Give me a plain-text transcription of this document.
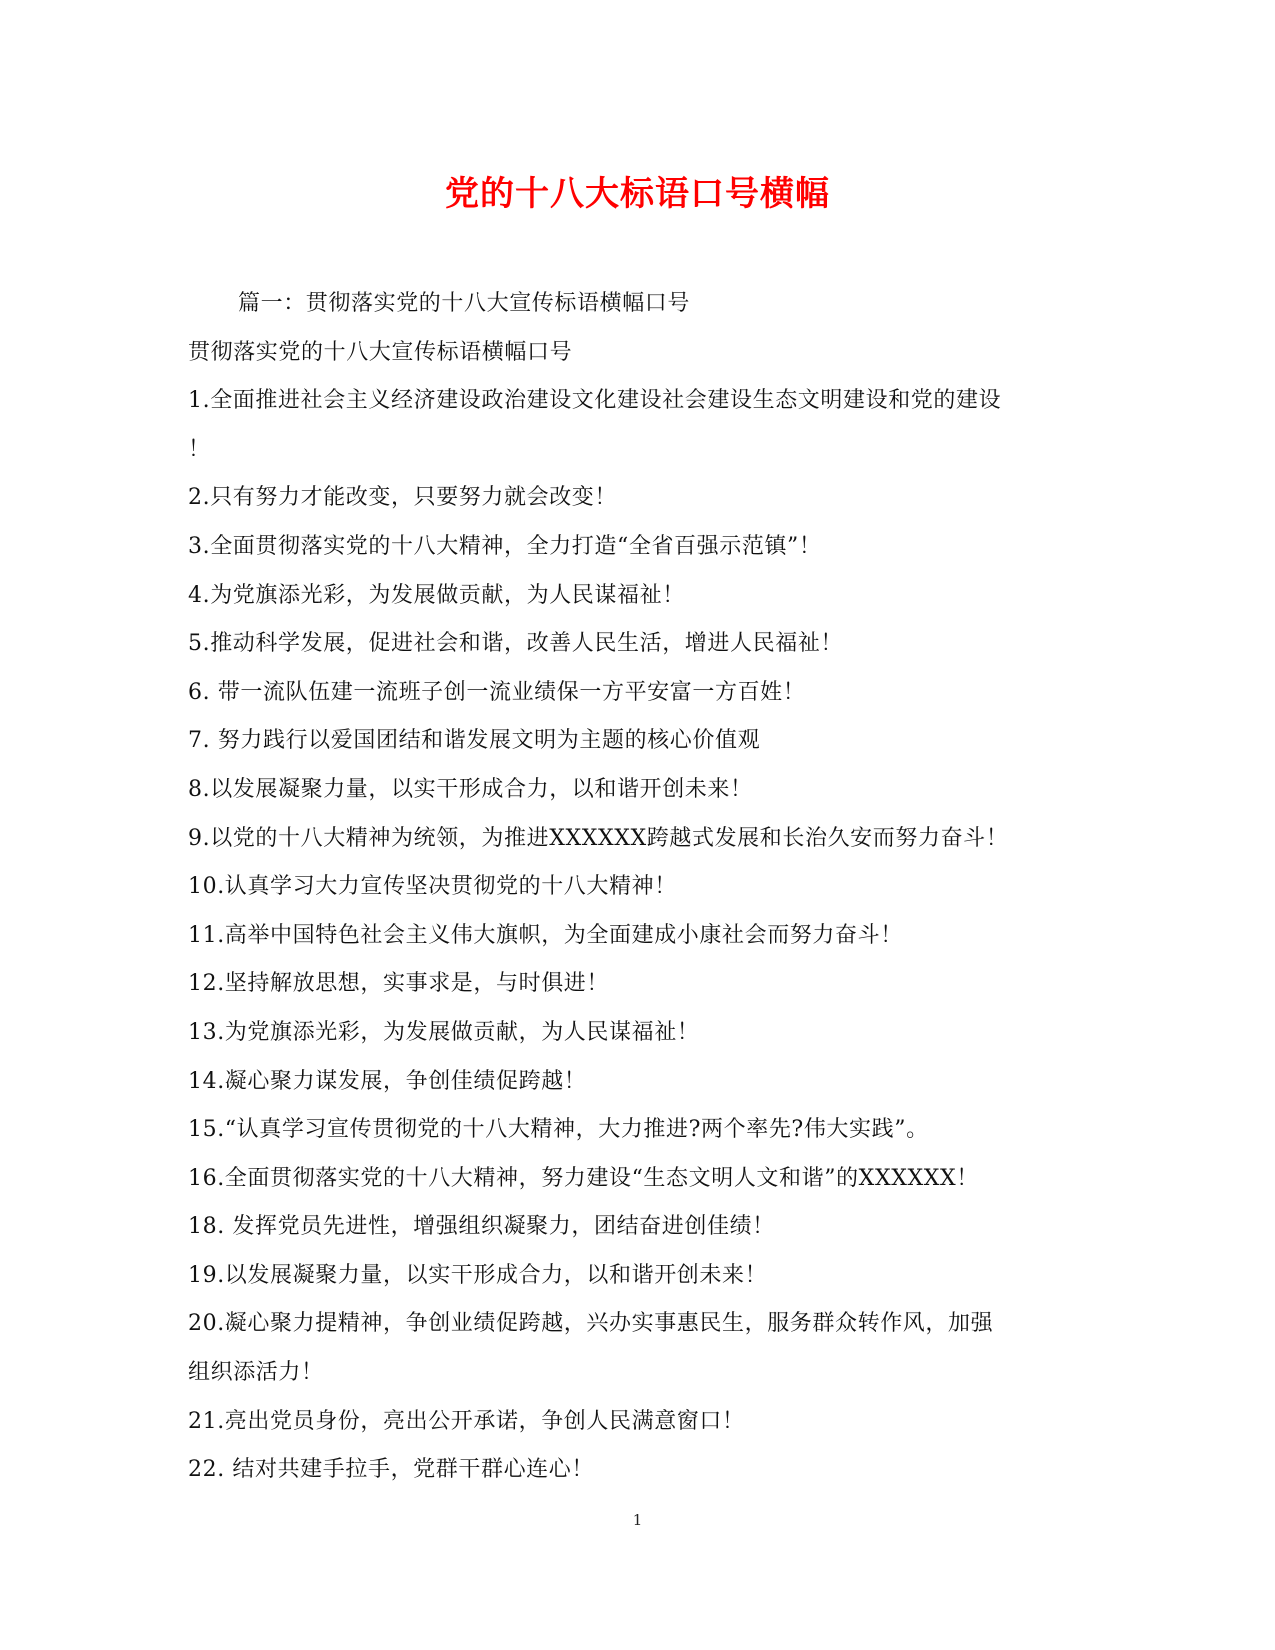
党的十八大标语口号横幅
篇一：贯彻落实党的十八大宣传标语横幅口号
贯彻落实党的十八大宣传标语横幅口号
1.全面推进社会主义经济建设政治建设文化建设社会建设生态文明建设和党的建设
！
2.只有努力才能改变，只要努力就会改变！
3.全面贯彻落实党的十八大精神，全力打造“全省百强示范镇”！
4.为党旗添光彩，为发展做贡献，为人民谋福祉！
5.推动科学发展，促进社会和谐，改善人民生活，增进人民福祉！
6. 带一流队伍建一流班子创一流业绩保一方平安富一方百姓！
7. 努力践行以爱国团结和谐发展文明为主题的核心价值观
8.以发展凝聚力量，以实干形成合力，以和谐开创未来！
9.以党的十八大精神为统领，为推进XXXXXX跨越式发展和长治久安而努力奋斗！
10.认真学习大力宣传坚决贯彻党的十八大精神！
11.高举中国特色社会主义伟大旗帜，为全面建成小康社会而努力奋斗！
12.坚持解放思想，实事求是，与时俱进！
13.为党旗添光彩，为发展做贡献，为人民谋福祉！
14.凝心聚力谋发展，争创佳绩促跨越！
15.“认真学习宣传贯彻党的十八大精神，大力推进?两个率先?伟大实践”。
16.全面贯彻落实党的十八大精神，努力建设“生态文明人文和谐”的XXXXXX！
18. 发挥党员先进性，增强组织凝聚力，团结奋进创佳绩！
19.以发展凝聚力量，以实干形成合力，以和谐开创未来！
20.凝心聚力提精神，争创业绩促跨越，兴办实事惠民生，服务群众转作风，加强
组织添活力！
21.亮出党员身份，亮出公开承诺，争创人民满意窗口！
22. 结对共建手拉手，党群干群心连心！
1
